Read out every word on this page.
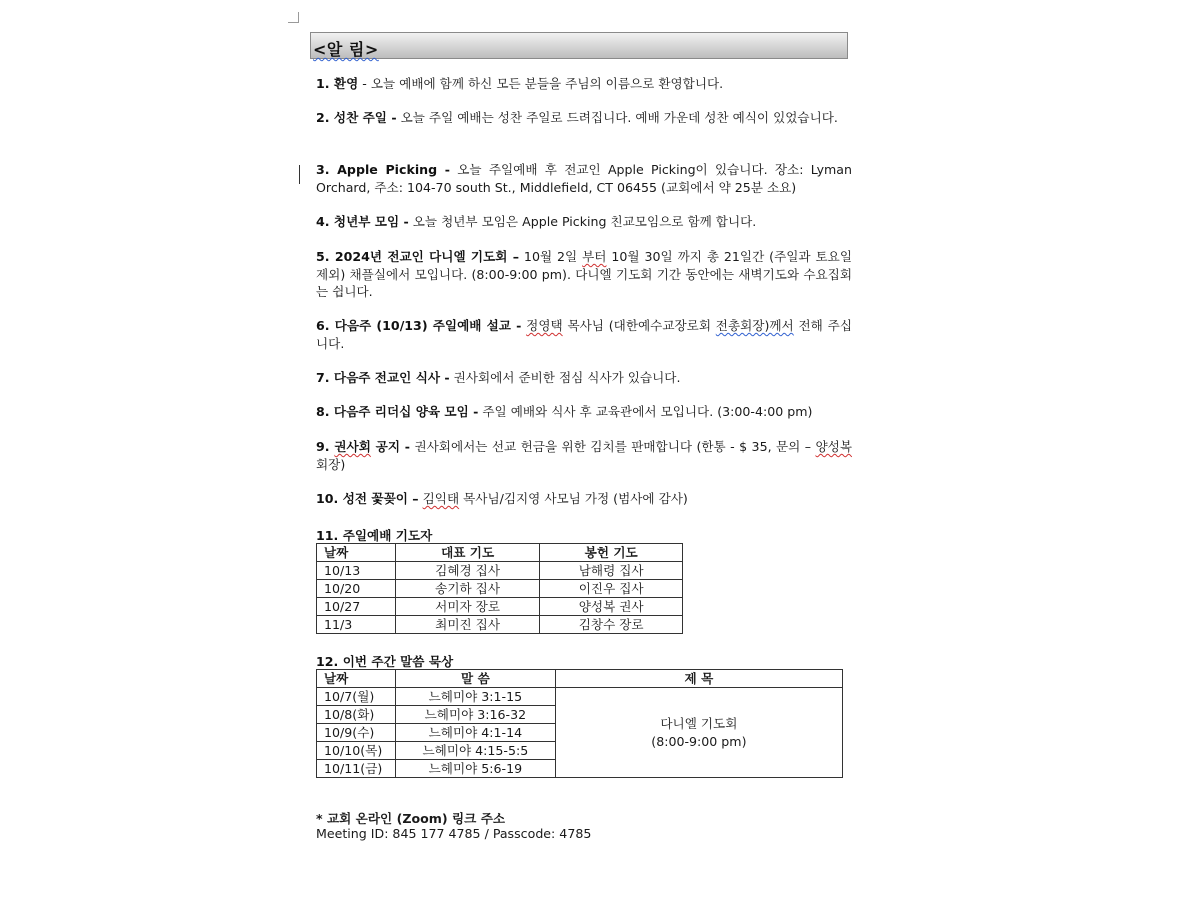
<알 림>
1. 환영 - 오늘 예배에 함께 하신 모든 분들을 주님의 이름으로 환영합니다.
2. 성찬 주일 - 오늘 주일 예배는 성찬 주일로 드려집니다. 예배 가운데 성찬 예식이 있었습니다.
3. Apple Picking - 오늘 주일예배 후 전교인 Apple Picking이 있습니다. 장소: Lyman Orchard, 주소: 104-70 south St., Middlefield, CT 06455 (교회에서 약 25분 소요)
4. 청년부 모임 - 오늘 청년부 모임은 Apple Picking 친교모임으로 함께 합니다.
5. 2024년 전교인 다니엘 기도회 – 10월 2일 부터 10월 30일 까지 총 21일간 (주일과 토요일 제외) 채플실에서 모입니다. (8:00-9:00 pm). 다니엘 기도회 기간 동안에는 새벽기도와 수요집회는 쉽니다.
6. 다음주 (10/13) 주일예배 설교 - 정영택 목사님 (대한예수교장로회 전총회장)께서 전해 주십니다.
7. 다음주 전교인 식사 - 권사회에서 준비한 점심 식사가 있습니다.
8. 다음주 리더십 양육 모임 - 주일 예배와 식사 후 교육관에서 모입니다. (3:00-4:00 pm)
9. 권사회 공지 - 권사회에서는 선교 헌금을 위한 김치를 판매합니다 (한통 - $ 35, 문의 – 양성복 회장)
10. 성전 꽃꽂이 – 김익태 목사님/김지영 사모님 가정 (범사에 감사)
11. 주일예배 기도자
날짜	대표 기도	봉헌 기도
10/13	김혜경 집사	남해령 집사
10/20	송기하 집사	이진우 집사
10/27	서미자 장로	양성복 권사
11/3	최미진 집사	김창수 장로
12. 이번 주간 말씀 묵상
날짜	말 씀	제 목
10/7(월)	느헤미야 3:1-15	다니엘 기도회
(8:00-9:00 pm)
10/8(화)	느헤미야 3:16-32	
10/9(수)	느헤미야 4:1-14	
10/10(목)	느헤미야 4:15-5:5	
10/11(금)	느헤미야 5:6-19	
* 교회 온라인 (Zoom) 링크 주소
Meeting ID: 845 177 4785 / Passcode: 4785
